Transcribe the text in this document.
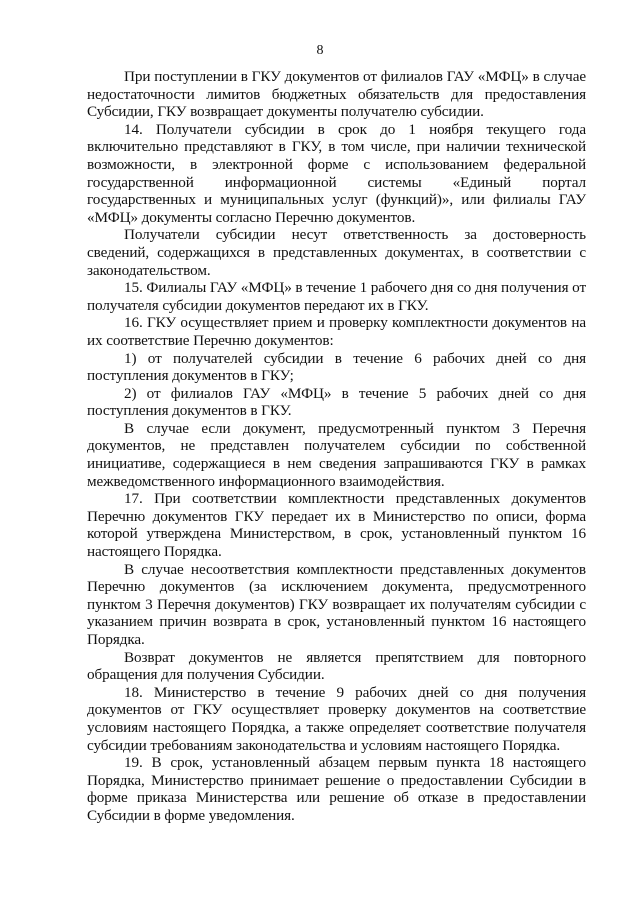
8

При поступлении в ГКУ документов от филиалов ГАУ «МФЦ» в случае недостаточности лимитов бюджетных обязательств для предоставления Субсидии, ГКУ возвращает документы получателю субсидии.

14. Получатели субсидии в срок до 1 ноября текущего года включительно представляют в ГКУ, в том числе, при наличии технической возможности, в электронной форме с использованием федеральной государственной информационной системы «Единый портал государственных и муниципальных услуг (функций)», или филиалы ГАУ «МФЦ» документы согласно Перечню документов.

Получатели субсидии несут ответственность за достоверность сведений, содержащихся в представленных документах, в соответствии с законодательством.

15. Филиалы ГАУ «МФЦ» в течение 1 рабочего дня со дня получения от получателя субсидии документов передают их в ГКУ.

16. ГКУ осуществляет прием и проверку комплектности документов на их соответствие Перечню документов:

1) от получателей субсидии в течение 6 рабочих дней со дня поступления документов в ГКУ;

2) от филиалов ГАУ «МФЦ» в течение 5 рабочих дней со дня поступления документов в ГКУ.

В случае если документ, предусмотренный пунктом 3 Перечня документов, не представлен получателем субсидии по собственной инициативе, содержащиеся в нем сведения запрашиваются ГКУ в рамках межведомственного информационного взаимодействия.

17. При соответствии комплектности представленных документов Перечню документов ГКУ передает их в Министерство по описи, форма которой утверждена Министерством, в срок, установленный пунктом 16 настоящего Порядка.

В случае несоответствия комплектности представленных документов Перечню документов (за исключением документа, предусмотренного пунктом 3 Перечня документов) ГКУ возвращает их получателям субсидии с указанием причин возврата в срок, установленный пунктом 16 настоящего Порядка.

Возврат документов не является препятствием для повторного обращения для получения Субсидии.

18. Министерство в течение 9 рабочих дней со дня получения документов от ГКУ осуществляет проверку документов на соответствие условиям настоящего Порядка, а также определяет соответствие получателя субсидии требованиям законодательства и условиям настоящего Порядка.

19. В срок, установленный абзацем первым пункта 18 настоящего Порядка, Министерство принимает решение о предоставлении Субсидии в форме приказа Министерства или решение об отказе в предоставлении Субсидии в форме уведомления.
